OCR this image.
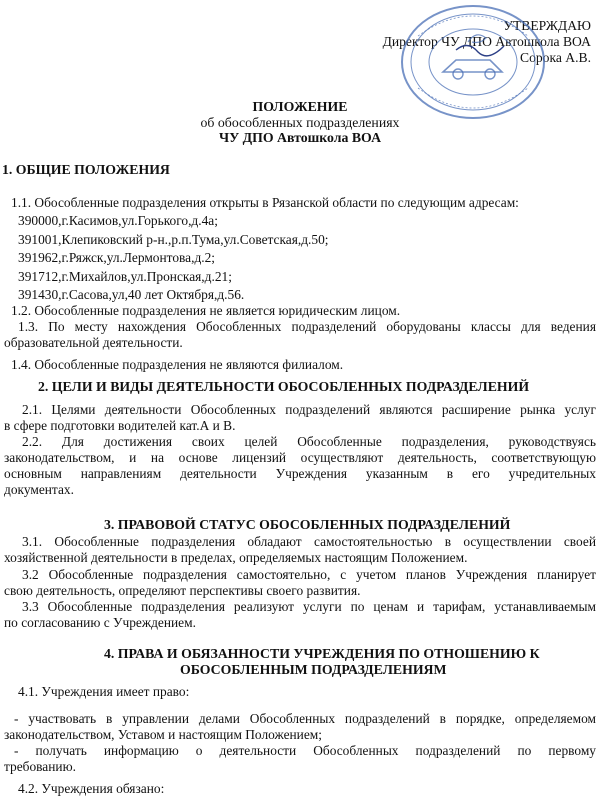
УТВЕРЖДАЮ
Директор ЧУ ДПО Автошкола ВОА
Сорока А.В.
ПОЛОЖЕНИЕ
об обособленных подразделениях
ЧУ ДПО Автошкола ВОА
1. ОБЩИЕ ПОЛОЖЕНИЯ
1.1. Обособленные подразделения открыты в Рязанской области по следующим адресам:
390000,г.Касимов,ул.Горького,д.4а;
391001,Клепиковский р-н.,р.п.Тума,ул.Советская,д.50;
391962,г.Ряжск,ул.Лермонтова,д.2;
391712,г.Михайлов,ул.Пронская,д.21;
391430,г.Сасова,ул,40 лет Октября,д.56.
1.2. Обособленные подразделения не является юридическим лицом.
1.3. По месту нахождения Обособленных подразделений оборудованы классы для ведения
образовательной деятельности.
1.4. Обособленные подразделения не являются филиалом.
2. ЦЕЛИ И ВИДЫ ДЕЯТЕЛЬНОСТИ ОБОСОБЛЕННЫХ ПОДРАЗДЕЛЕНИЙ
2.1. Целями деятельности Обособленных подразделений являются расширение рынка услуг
в сфере подготовки водителей кат.А и В.
2.2. Для достижения своих целей Обособленные подразделения, руководствуясь
законодательством, и на основе лицензий осуществляют деятельность, соответствующую
основным направлениям деятельности Учреждения указанным в его учредительных
документах.
3. ПРАВОВОЙ СТАТУС ОБОСОБЛЕННЫХ ПОДРАЗДЕЛЕНИЙ
3.1. Обособленные подразделения обладают самостоятельностью в осуществлении своей
хозяйственной деятельности в пределах, определяемых настоящим Положением.
3.2 Обособленные подразделения самостоятельно, с учетом планов Учреждения планирует
свою деятельность, определяют перспективы своего развития.
3.3 Обособленные подразделения реализуют услуги по ценам и тарифам, устанавливаемым
по согласованию с Учреждением.
4. ПРАВА И ОБЯЗАННОСТИ УЧРЕЖДЕНИЯ ПО ОТНОШЕНИЮ К
ОБОСОБЛЕННЫМ ПОДРАЗДЕЛЕНИЯМ
4.1. Учреждения имеет право:
- участвовать в управлении делами Обособленных подразделений в порядке, определяемом
законодательством, Уставом и настоящим Положением;
- получать информацию о деятельности Обособленных подразделений по первому
требованию.
4.2. Учреждения обязано:
